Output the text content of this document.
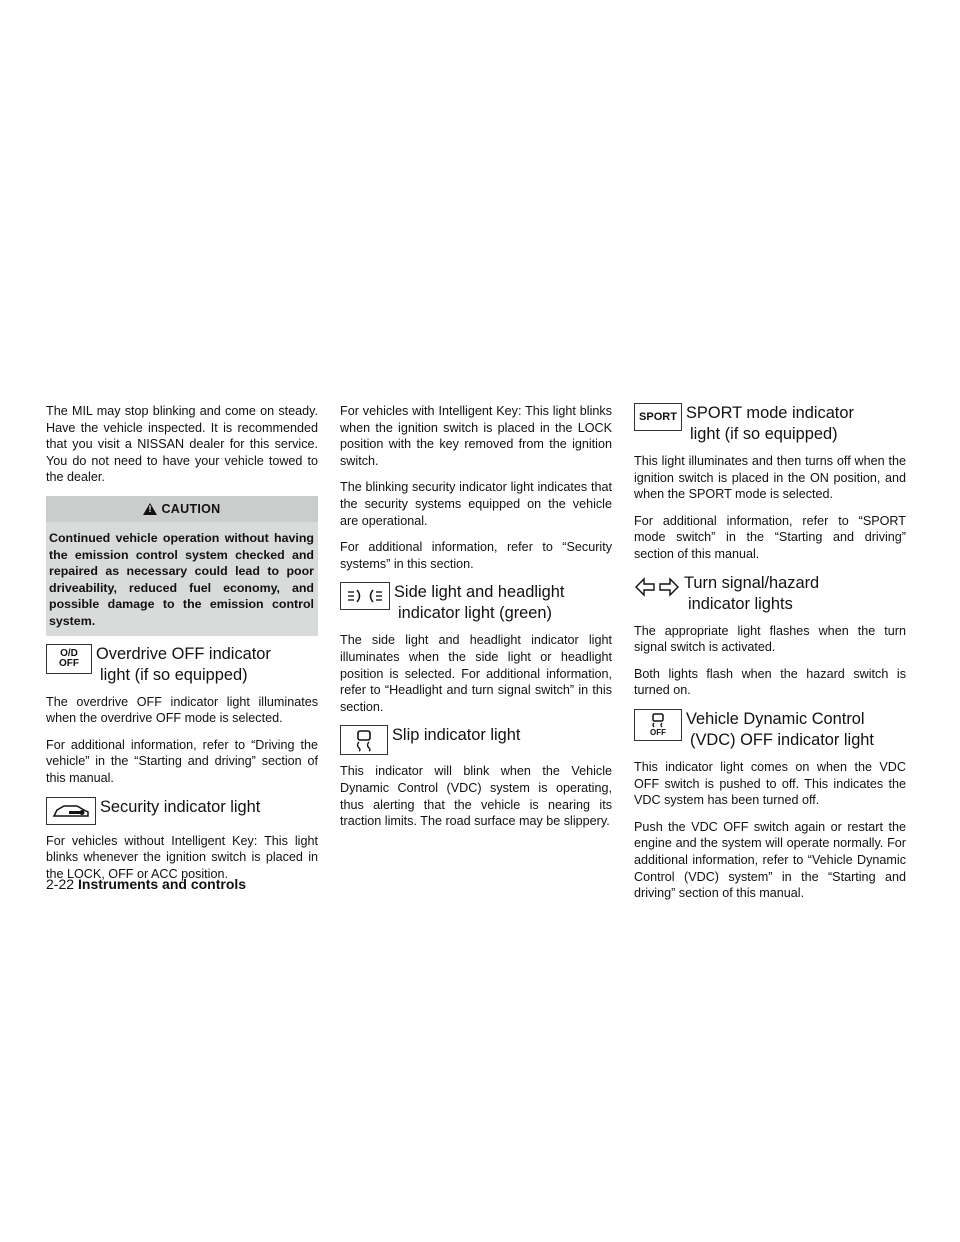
The MIL may stop blinking and come on steady. Have the vehicle inspected. It is recommended that you visit a NISSAN dealer for this service. You do not need to have your vehicle towed to the dealer.

!
CAUTION
Continued vehicle operation without having the emission control system checked and repaired as necessary could lead to poor driveability, reduced fuel economy, and possible damage to the emission control system.
O/D
OFF
Overdrive OFF indicator
light (if so equipped)

The overdrive OFF indicator light illuminates when the overdrive OFF mode is selected.

For additional information, refer to “Driving the vehicle” in the “Starting and driving” section of this manual.

Security indicator light

For vehicles without Intelligent Key: This light blinks whenever the ignition switch is placed in the LOCK, OFF or ACC position.

For vehicles with Intelligent Key: This light blinks when the ignition switch is placed in the LOCK position with the key removed from the ignition switch.

The blinking security indicator light indicates that the security systems equipped on the vehicle are operational.

For additional information, refer to “Security systems” in this section.

Side light and headlight
indicator light (green)

The side light and headlight indicator light illuminates when the side light or headlight position is selected. For additional information, refer to “Headlight and turn signal switch” in this section.

Slip indicator light

This indicator will blink when the Vehicle Dynamic Control (VDC) system is operating, thus alerting that the vehicle is nearing its traction limits. The road surface may be slippery.

SPORT SPORT mode indicator
light (if so equipped)

This light illuminates and then turns off when the ignition switch is placed in the ON position, and when the SPORT mode is selected.

For additional information, refer to “SPORT mode switch” in the “Starting and driving” section of this manual.

Turn signal/hazard
indicator lights

The appropriate light flashes when the turn signal switch is activated.

Both lights flash when the hazard switch is turned on.

OFF
Vehicle Dynamic Control
(VDC) OFF indicator light

This indicator light comes on when the VDC OFF switch is pushed to off. This indicates the VDC system has been turned off.

Push the VDC OFF switch again or restart the engine and the system will operate normally. For additional information, refer to “Vehicle Dynamic Control (VDC) system” in the “Starting and driving” section of this manual.

2-22 Instruments and controls
